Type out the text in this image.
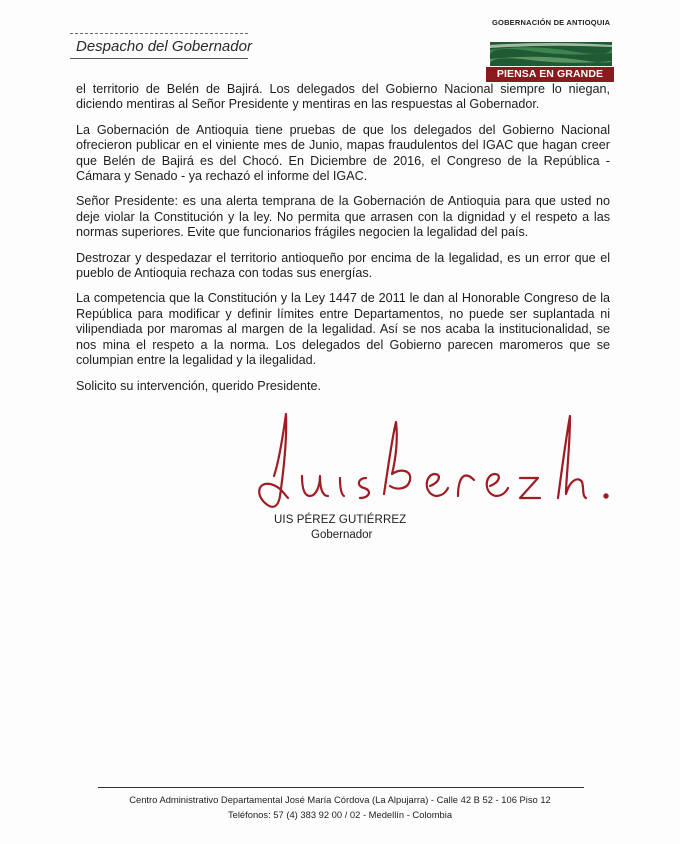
Despacho del Gobernador
GOBERNACIÓN DE ANTIOQUIA
PIENSA EN GRANDE

el territorio de Belén de Bajirá. Los delegados del Gobierno Nacional siempre lo niegan, diciendo mentiras al Señor Presidente y mentiras en las respuestas al Gobernador.

La Gobernación de Antioquia tiene pruebas de que los delegados del Gobierno Nacional ofrecieron publicar en el viniente mes de Junio, mapas fraudulentos del IGAC que hagan creer que Belén de Bajirá es del Chocó. En Diciembre de 2016, el Congreso de la República - Cámara y Senado - ya rechazó el informe del IGAC.

Señor Presidente: es una alerta temprana de la Gobernación de Antioquia para que usted no deje violar la Constitución y la ley. No permita que arrasen con la dignidad y el respeto a las normas superiores. Evite que funcionarios frágiles negocien la legalidad del país.

Destrozar y despedazar el territorio antioqueño por encima de la legalidad, es un error que el pueblo de Antioquia rechaza con todas sus energías.

La competencia que la Constitución y la Ley 1447 de 2011 le dan al Honorable Congreso de la República para modificar y definir límites entre Departamentos, no puede ser suplantada ni vilipendiada por maromas al margen de la legalidad. Así se nos acaba la institucionalidad, se nos mina el respeto a la norma. Los delegados del Gobierno parecen maromeros que se columpian entre la legalidad y la ilegalidad.

Solicito su intervención, querido Presidente.

UIS PÉREZ GUTIÉRREZ
Gobernador
Centro Administrativo Departamental José María Córdova (La Alpujarra) - Calle 42 B 52 - 106 Piso 12
Teléfonos: 57 (4) 383 92 00 / 02 - Medellín - Colombia
